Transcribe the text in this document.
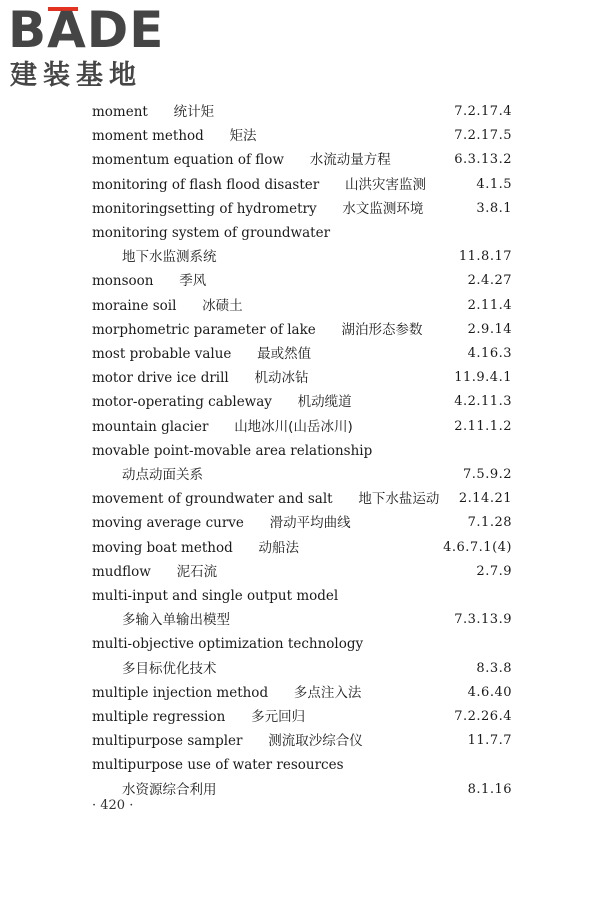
BADE
建装基地
moment 统计矩	7.2.17.4
moment method 矩法	7.2.17.5
momentum equation of flow 水流动量方程	6.3.13.2
monitoring of flash flood disaster 山洪灾害监测	4.1.5
monitoringsetting of hydrometry 水文监测环境	3.8.1
monitoring system of groundwater
地下水监测系统	11.8.17
monsoon 季风	2.4.27
moraine soil 冰碛土	2.11.4
morphometric parameter of lake 湖泊形态参数	2.9.14
most probable value 最或然值	4.16.3
motor drive ice drill 机动冰钻	11.9.4.1
motor-operating cableway 机动缆道	4.2.11.3
mountain glacier 山地冰川(山岳冰川)	2.11.1.2
movable point-movable area relationship
动点动面关系	7.5.9.2
movement of groundwater and salt 地下水盐运动 2.14.21
moving average curve 滑动平均曲线	7.1.28
moving boat method 动船法	4.6.7.1(4)
mudflow 泥石流	2.7.9
multi-input and single output model
多输入单输出模型	7.3.13.9
multi-objective optimization technology
多目标优化技术	8.3.8
multiple injection method 多点注入法	4.6.40
multiple regression 多元回归	7.2.26.4
multipurpose sampler 测流取沙综合仪	11.7.7
multipurpose use of water resources
水资源综合利用	8.1.16
· 420 ·
